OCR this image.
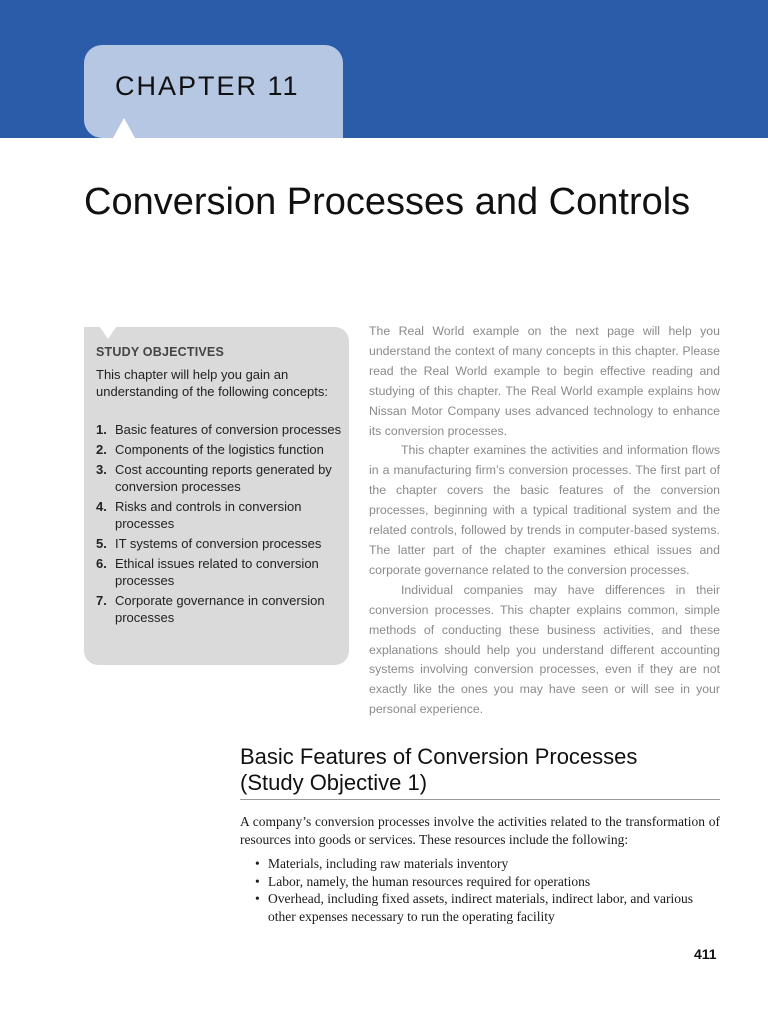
CHAPTER 11
Conversion Processes and Controls
STUDY OBJECTIVES
This chapter will help you gain an understanding of the following concepts:
1. Basic features of conversion processes
2. Components of the logistics function
3. Cost accounting reports generated by conversion processes
4. Risks and controls in conversion processes
5. IT systems of conversion processes
6. Ethical issues related to conversion processes
7. Corporate governance in conversion processes

The Real World example on the next page will help you understand the context of many concepts in this chapter. Please read the Real World example to begin effective reading and studying of this chapter. The Real World example explains how Nissan Motor Company uses advanced technology to enhance its conversion processes.

This chapter examines the activities and information flows in a manufacturing firm’s conversion processes. The first part of the chapter covers the basic features of the conversion processes, beginning with a typical traditional system and the related controls, followed by trends in computer-based systems. The latter part of the chapter examines ethical issues and corporate governance related to the conversion processes.

Individual companies may have differences in their conversion processes. This chapter explains common, simple methods of conducting these business activities, and these explanations should help you understand different accounting systems involving conversion processes, even if they are not exactly like the ones you may have seen or will see in your personal experience.

Basic Features of Conversion Processes
(Study Objective 1)

A company’s conversion processes involve the activities related to the transformation of resources into goods or services. These resources include the following:

• Materials, including raw materials inventory
• Labor, namely, the human resources required for operations
• Overhead, including fixed assets, indirect materials, indirect labor, and various other expenses necessary to run the operating facility
411
